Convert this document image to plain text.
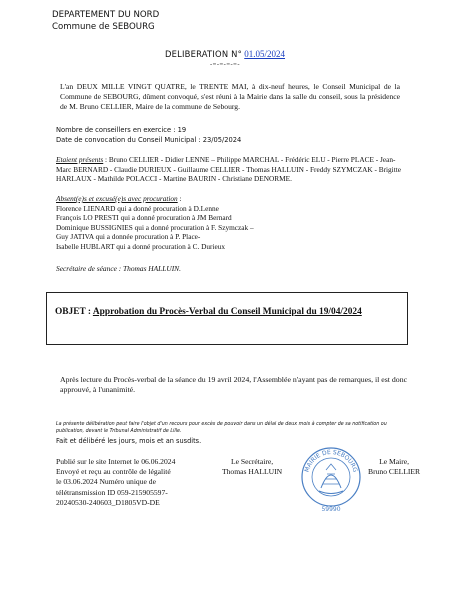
DEPARTEMENT DU NORD
Commune de SEBOURG
DELIBERATION N° 01.05/2024
-=-=-=-=-
L'an DEUX MILLE VINGT QUATRE, le TRENTE MAI, à dix-neuf heures, le Conseil Municipal de la Commune de SEBOURG, dûment convoqué, s'est réuni à la Mairie dans la salle du conseil, sous la présidence de M. Bruno CELLIER, Maire de la commune de Sebourg.
Nombre de conseillers en exercice : 19
Date de convocation du Conseil Municipal : 23/05/2024
Etaient présents : Bruno CELLIER - Didier LENNE – Philippe MARCHAL - Frédéric ELU - Pierre PLACE - Jean-Marc BERNARD - Claudie DURIEUX - Guillaume CELLIER - Thomas HALLUIN - Freddy SZYMCZAK - Brigitte HARLAUX - Mathilde POLACCI - Martine BAURIN - Christiane DENORME.
Absent(e)s et excusé(e)s avec procuration :
Florence LIENARD qui a donné procuration à D.Lenne
François LO PRESTI qui a donné procuration à JM Bernard
Dominique BUSSIGNIES qui a donné procuration à F. Szymczak –
Guy JATIVA qui a donnée procuration à P. Place-
Isabelle HUBLART qui a donné procuration à C. Durieux
Secrétaire de séance : Thomas HALLUIN.
OBJET : Approbation du Procès-Verbal du Conseil Municipal du 19/04/2024
Après lecture du Procès-verbal de la séance du 19 avril 2024, l'Assemblée n'ayant pas de remarques, il est donc approuvé, à l'unanimité.
La présente délibération peut faire l'objet d'un recours pour excès de pouvoir dans un délai de deux mois à compter de sa notification ou publication, devant le Tribunal Administratif de Lille.
Fait et délibéré les jours, mois et an susdits.
Publié sur le site Internet le 06.06.2024
Envoyé et reçu au contrôle de légalité
le 03.06.2024 Numéro unique de
télétransmission ID 059-215905597-
20240530-240603_D1805VD-DE
Le Secrétaire,
Thomas HALLUIN	MAIRIE DE SEBOURG
59990
Le Maire,
Bruno CELLIER
